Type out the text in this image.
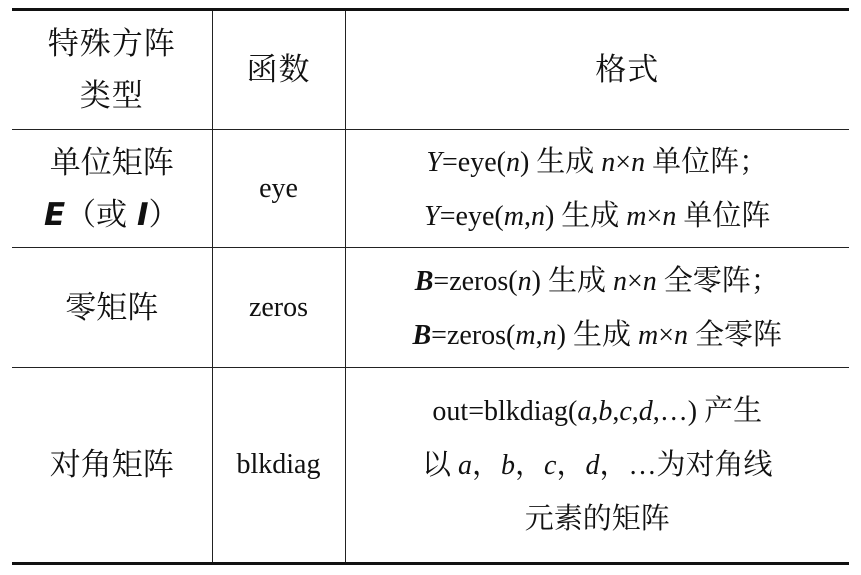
特殊方阵
类型	函数	格式

单位矩阵
E（或 I）	eye	Y=eye(n) 生成 n×n 单位阵；
Y=eye(m,n) 生成 m×n 单位阵

零矩阵	zeros	B=zeros(n) 生成 n×n 全零阵；
B=zeros(m,n) 生成 m×n 全零阵

对角矩阵	blkdiag	out=blkdiag(a,b,c,d,…) 产生
以 a，b，c，d，…为对角线
元素的矩阵
